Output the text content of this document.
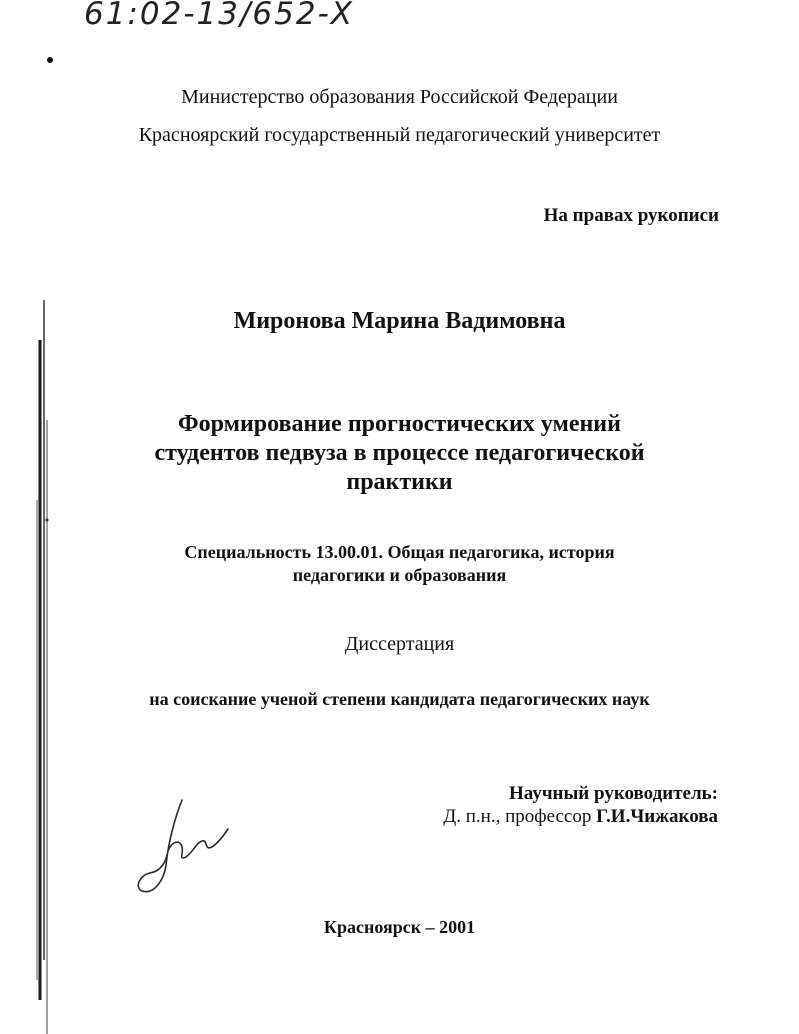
61:02-13/652-Х
Министерство образования Российской Федерации
Красноярский государственный педагогический университет
На правах рукописи
Миронова Марина Вадимовна

Формирование прогностических умений

студентов педвуза в процессе педагогической

практики

Специальность 13.00.01. Общая педагогика, история

педагогики и образования

Диссертация
на соискание ученой степени кандидата педагогических наук
Научный руководитель:
Д. п.н., профессор Г.И.Чижакова
Красноярск – 2001
